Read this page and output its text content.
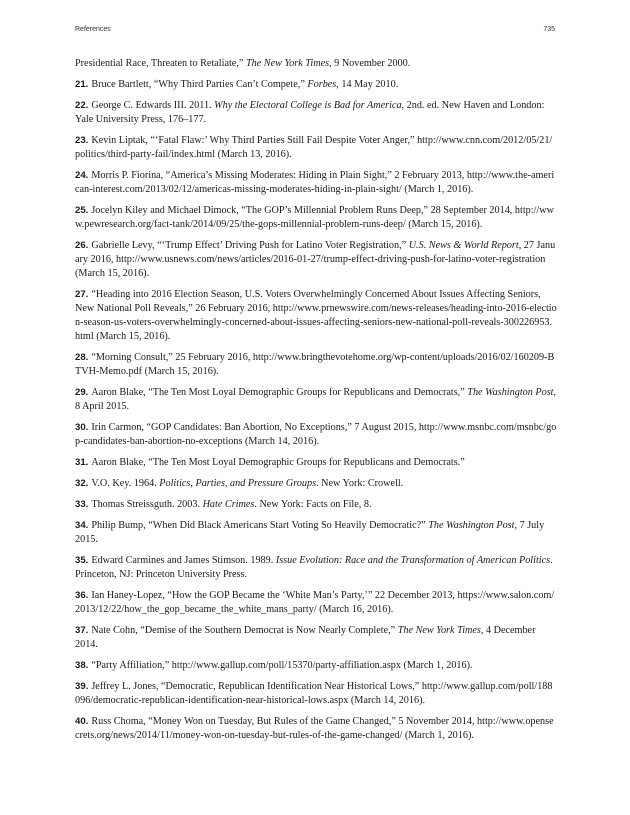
References	735
Presidential Race, Threaten to Retaliate,” The New York Times, 9 November 2000.
21. Bruce Bartlett, “Why Third Parties Can’t Compete,” Forbes, 14 May 2010.
22. George C. Edwards III. 2011. Why the Electoral College is Bad for America, 2nd. ed. New Haven and London: Yale University Press, 176–177.
23. Kevin Liptak, “‘Fatal Flaw:’ Why Third Parties Still Fail Despite Voter Anger,” http://www.cnn.com/2012/05/21/politics/third-party-fail/index.html (March 13, 2016).
24. Morris P. Fiorina, “America’s Missing Moderates: Hiding in Plain Sight,” 2 February 2013, http://www.the-american-interest.com/2013/02/12/americas-missing-moderates-hiding-in-plain-sight/ (March 1, 2016).
25. Jocelyn Kiley and Michael Dimock, “The GOP’s Millennial Problem Runs Deep,” 28 September 2014, http://www.pewresearch.org/fact-tank/2014/09/25/the-gops-millennial-problem-runs-deep/ (March 15, 2016).
26. Gabrielle Levy, “‘Trump Effect’ Driving Push for Latino Voter Registration,” U.S. News & World Report, 27 January 2016, http://www.usnews.com/news/articles/2016-01-27/trump-effect-driving-push-for-latino-voter-registration (March 15, 2016).
27. “Heading into 2016 Election Season, U.S. Voters Overwhelmingly Concerned About Issues Affecting Seniors, New National Poll Reveals,” 26 February 2016, http://www.prnewswire.com/news-releases/heading-into-2016-election-season-us-voters-overwhelmingly-concerned-about-issues-affecting-seniors-new-national-poll-reveals-300226953.html (March 15, 2016).
28. “Morning Consult,” 25 February 2016, http://www.bringthevotehome.org/wp-content/uploads/2016/02/160209-BTVH-Memo.pdf (March 15, 2016).
29. Aaron Blake, “The Ten Most Loyal Demographic Groups for Republicans and Democrats,” The Washington Post, 8 April 2015.
30. Irin Carmon, “GOP Candidates: Ban Abortion, No Exceptions,” 7 August 2015, http://www.msnbc.com/msnbc/gop-candidates-ban-abortion-no-exceptions (March 14, 2016).
31. Aaron Blake, “The Ten Most Loyal Demographic Groups for Republicans and Democrats.”
32. V.O. Key. 1964. Politics, Parties, and Pressure Groups. New York: Crowell.
33. Thomas Streissguth. 2003. Hate Crimes. New York: Facts on File, 8.
34. Philip Bump, “When Did Black Americans Start Voting So Heavily Democratic?” The Washington Post, 7 July 2015.
35. Edward Carmines and James Stimson. 1989. Issue Evolution: Race and the Transformation of American Politics. Princeton, NJ: Princeton University Press.
36. Ian Haney-Lopez, “How the GOP Became the ‘White Man’s Party,’” 22 December 2013, https://www.salon.com/2013/12/22/how_the_gop_became_the_white_mans_party/ (March 16, 2016).
37. Nate Cohn, “Demise of the Southern Democrat is Now Nearly Complete,” The New York Times, 4 December 2014.
38. “Party Affiliation,” http://www.gallup.com/poll/15370/party-affiliation.aspx (March 1, 2016).
39. Jeffrey L. Jones, “Democratic, Republican Identification Near Historical Lows,” http://www.gallup.com/poll/188096/democratic-republican-identification-near-historical-lows.aspx (March 14, 2016).
40. Russ Choma, “Money Won on Tuesday, But Rules of the Game Changed,” 5 November 2014, http://www.opensecrets.org/news/2014/11/money-won-on-tuesday-but-rules-of-the-game-changed/ (March 1, 2016).
